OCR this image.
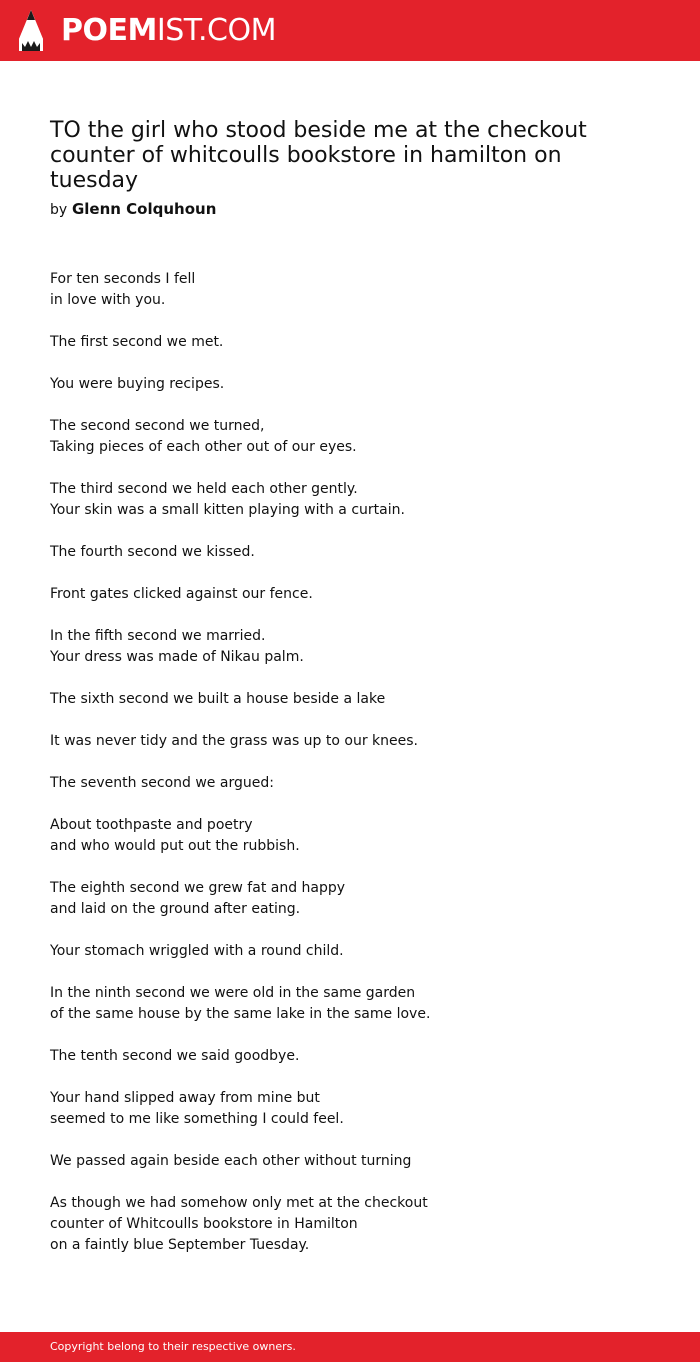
POEMIST.COM
TO the girl who stood beside me at the checkout counter of whitcoulls bookstore in hamilton on tuesday
by Glenn Colquhoun

For ten seconds I fell
in love with you.

The first second we met.

You were buying recipes.

The second second we turned,
Taking pieces of each other out of our eyes.

The third second we held each other gently.
Your skin was a small kitten playing with a curtain.

The fourth second we kissed.

Front gates clicked against our fence.

In the fifth second we married.
Your dress was made of Nikau palm.

The sixth second we built a house beside a lake

It was never tidy and the grass was up to our knees.

The seventh second we argued:

About toothpaste and poetry
and who would put out the rubbish.

The eighth second we grew fat and happy
and laid on the ground after eating.

Your stomach wriggled with a round child.

In the ninth second we were old in the same garden
of the same house by the same lake in the same love.

The tenth second we said goodbye.

Your hand slipped away from mine but
seemed to me like something I could feel.

We passed again beside each other without turning

As though we had somehow only met at the checkout
counter of Whitcoulls bookstore in Hamilton
on a faintly blue September Tuesday.

Copyright belong to their respective owners.
